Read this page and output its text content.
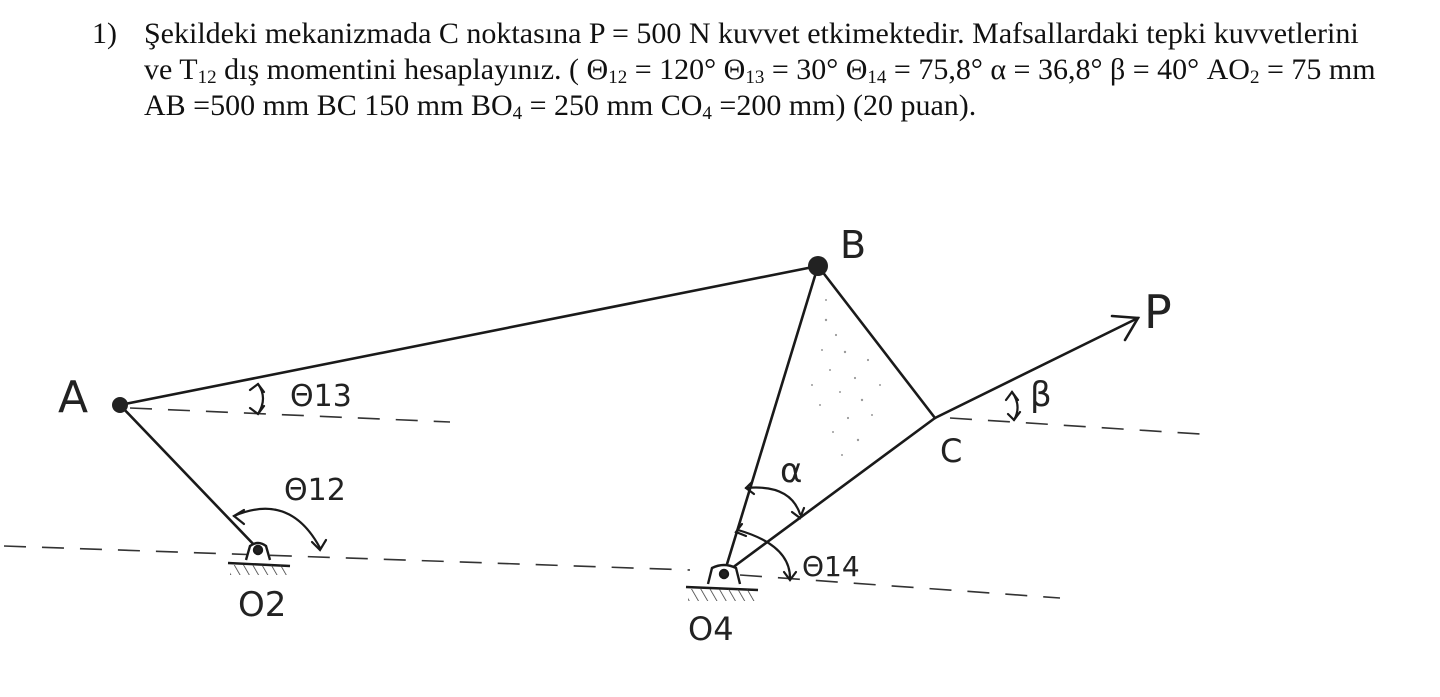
1) Şekildeki mekanizmada C noktasına P = 500 N kuvvet etkimektedir. Mafsallardaki tepki kuvvetlerini ve $T_{12}$ dış momentini hesaplayınız. ( $\Theta_{12} = 120^\circ$ $\Theta_{13} = 30^\circ$ $\Theta_{14} = 75,8^\circ$ α = 36,8° β = 40° $AO_2 = 75$ mm AB =500 mm BC 150 mm $BO_4 = 250$ mm $CO_4 =200$ mm) (20 puan).
A
B
C
P
O2
O4
Θ13
Θ12
Θ14
α
β
